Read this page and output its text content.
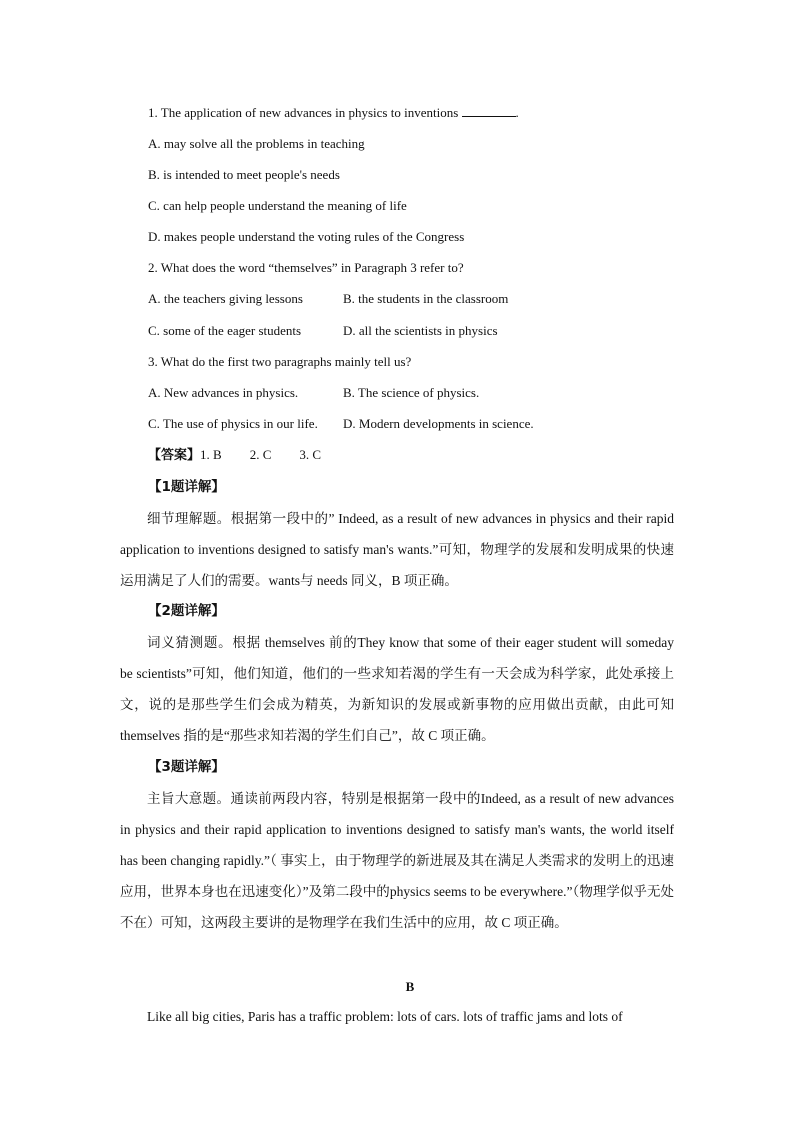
1. The application of new advances in physics to inventions	.
A. may solve all the problems in teaching
B. is intended to meet people's needs
C. can help people understand the meaning of life
D. makes people understand the voting rules of the Congress
2. What does the word “themselves” in Paragraph 3 refer to?
A. the teachers giving lessons	B. the students in the classroom
C. some of the eager students	D. all the scientists in physics
3. What do the first two paragraphs mainly tell us?
A. New advances in physics.	B. The science of physics.
C. The use of physics in our life. D. Modern developments in science.
【答案】1. B 2. C 3. C
【1题详解】
细节理解题。根据第一段中的” Indeed, as a result of new advances in physics and their rapid application to inventions designed to satisfy man's wants.”可知，物理学的发展和发明成果的快速运用满足了人们的需要。wants与 needs 同义，B 项正确。
【2题详解】
词义猜测题。根据 themselves 前的They know that some of their eager student will someday be scientists”可知，他们知道，他们的一些求知若渴的学生有一天会成为科学家，此处承接上文，说的是那些学生们会成为精英，为新知识的发展或新事物的应用做出贡献，由此可知 themselves 指的是“那些求知若渴的学生们自己”，故 C 项正确。
【3题详解】
主旨大意题。通读前两段内容，特别是根据第一段中的Indeed, as a result of new advances in physics and their rapid application to inventions designed to satisfy man's wants, the world itself has been changing rapidly.”（ 事实上，由于物理学的新进展及其在满足人类需求的发明上的迅速应用，世界本身也在迅速变化）”及第二段中的physics seems to be everywhere.”（物理学似乎无处不在）可知，这两段主要讲的是物理学在我们生活中的应用，故 C 项正确。
B
Like all big cities, Paris has a traffic problem: lots of cars. lots of traffic jams and lots of
